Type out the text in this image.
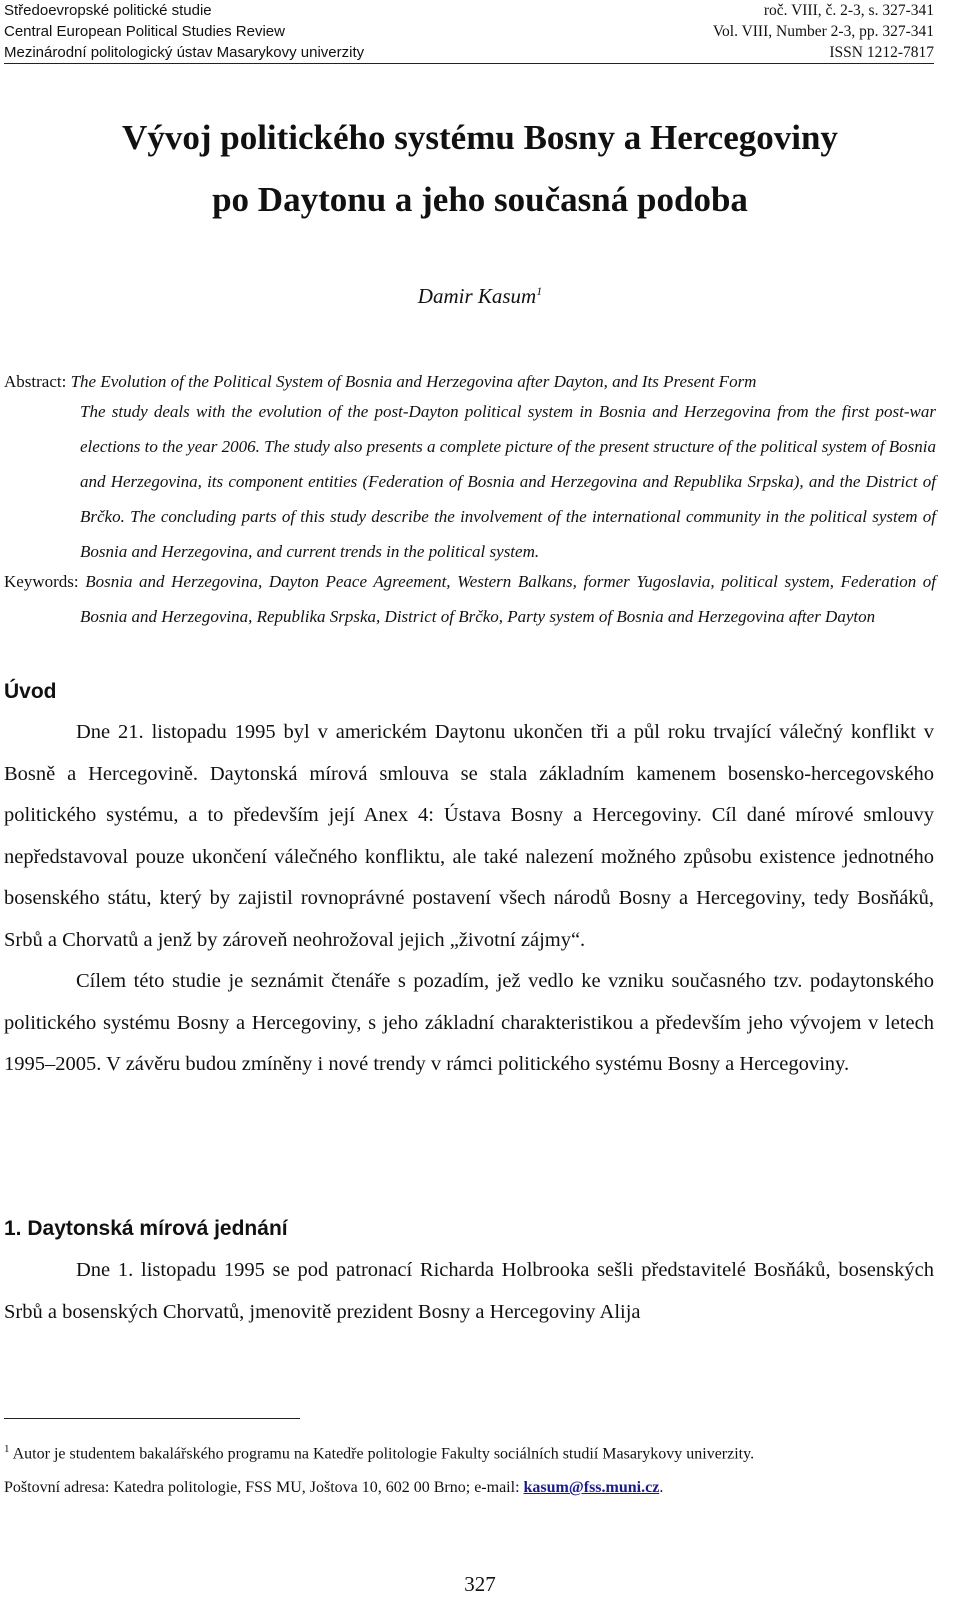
Středoevropské politické studie	roč. VIII, č. 2-3, s. 327-341
Central European Political Studies Review	Vol. VIII, Number 2-3, pp. 327-341
Mezinárodní politologický ústav Masarykovy univerzity	ISSN 1212-7817
Vývoj politického systému Bosny a Hercegoviny
po Daytonu a jeho současná podoba
Damir Kasum$^1$
Abstract: The Evolution of the Political System of Bosnia and Herzegovina after Dayton, and Its Present Form
The study deals with the evolution of the post-Dayton political system in Bosnia and Herzegovina from the first post-war elections to the year 2006. The study also presents a complete picture of the present structure of the political system of Bosnia and Herzegovina, its component entities (Federation of Bosnia and Herzegovina and Republika Srpska), and the District of Brčko. The concluding parts of this study describe the involvement of the international community in the political system of Bosnia and Herzegovina, and current trends in the political system.
Keywords: Bosnia and Herzegovina, Dayton Peace Agreement, Western Balkans, former Yugoslavia, political system, Federation of Bosnia and Herzegovina, Republika Srpska, District of Brčko, Party system of Bosnia and Herzegovina after Dayton
Úvod

Dne 21. listopadu 1995 byl v americkém Daytonu ukončen tři a půl roku trvající válečný konflikt v Bosně a Hercegovině. Daytonská mírová smlouva se stala základním kamenem bosensko-hercegovského politického systému, a to především její Anex 4: Ústava Bosny a Hercegoviny. Cíl dané mírové smlouvy nepředstavoval pouze ukončení válečného konfliktu, ale také nalezení možného způsobu existence jednotného bosenského státu, který by zajistil rovnoprávné postavení všech národů Bosny a Hercegoviny, tedy Bosňáků, Srbů a Chorvatů a jenž by zároveň neohrožoval jejich „životní zájmy“.

Cílem této studie je seznámit čtenáře s pozadím, jež vedlo ke vzniku současného tzv. podaytonského politického systému Bosny a Hercegoviny, s jeho základní charakteristikou a především jeho vývojem v letech 1995–2005. V závěru budou zmíněny i nové trendy v rámci politického systému Bosny a Hercegoviny.

1. Daytonská mírová jednání

Dne 1. listopadu 1995 se pod patronací Richarda Holbrooka sešli představitelé Bosňáků, bosenských Srbů a bosenských Chorvatů, jmenovitě prezident Bosny a Hercegoviny Alija

$^1$ Autor je studentem bakalářského programu na Katedře politologie Fakulty sociálních studií Masarykovy univerzity.
Poštovní adresa: Katedra politologie, FSS MU, Joštova 10, 602 00 Brno; e-mail: kasum@fss.muni.cz.
327
